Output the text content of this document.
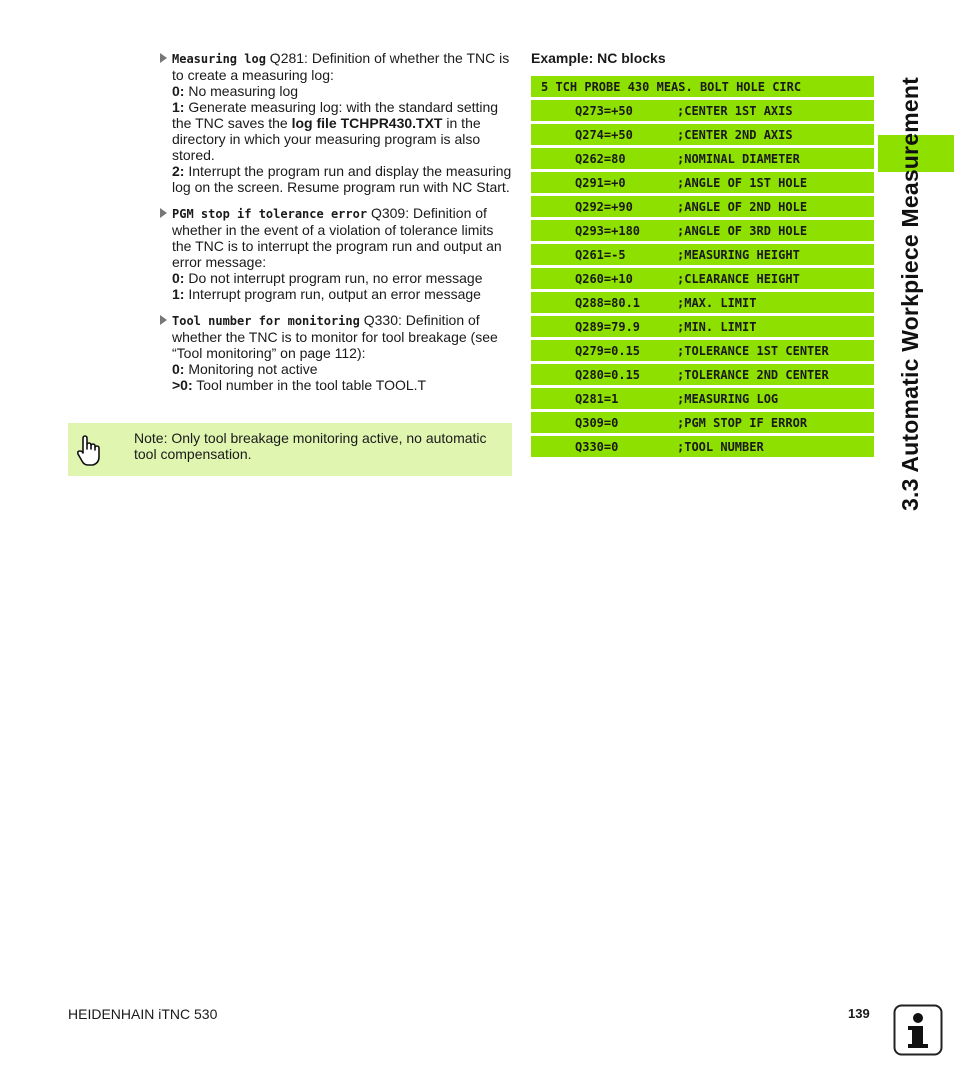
Measuring log Q281: Definition of whether the TNC is to create a measuring log:

0: No measuring log

1: Generate measuring log: with the standard setting the TNC saves the log file TCHPR430.TXT in the directory in which your measuring program is also stored.

2: Interrupt the program run and display the measuring log on the screen. Resume program run with NC Start.

PGM stop if tolerance error Q309: Definition of whether in the event of a violation of tolerance limits the TNC is to interrupt the program run and output an error message:

0: Do not interrupt program run, no error message

1: Interrupt program run, output an error message

Tool number for monitoring Q330: Definition of whether the TNC is to monitor for tool breakage (see “Tool monitoring” on page 112):

0: Monitoring not active

>0: Tool number in the tool table TOOL.T

Note: Only tool breakage monitoring active, no automatic tool compensation.
Example: NC blocks
5 TCH PROBE 430 MEAS. BOLT HOLE CIRC
Q273=+50	;CENTER 1ST AXIS
Q274=+50	;CENTER 2ND AXIS
Q262=80	;NOMINAL DIAMETER
Q291=+0	;ANGLE OF 1ST HOLE
Q292=+90	;ANGLE OF 2ND HOLE
Q293=+180	;ANGLE OF 3RD HOLE
Q261=-5	;MEASURING HEIGHT
Q260=+10	;CLEARANCE HEIGHT
Q288=80.1	;MAX. LIMIT
Q289=79.9	;MIN. LIMIT
Q279=0.15	;TOLERANCE 1ST CENTER
Q280=0.15	;TOLERANCE 2ND CENTER
Q281=1	;MEASURING LOG
Q309=0	;PGM STOP IF ERROR
Q330=0	;TOOL NUMBER	3.3 Automatic Workpiece Measurement
HEIDENHAIN iTNC 530	139
